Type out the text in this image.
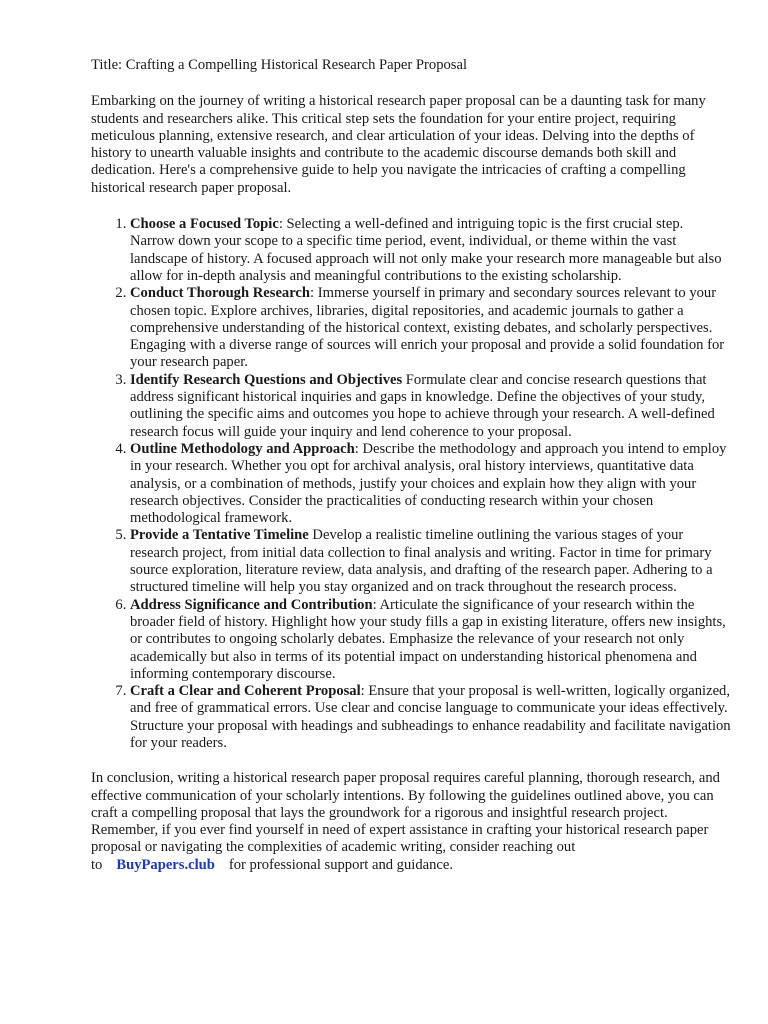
Title: Crafting a Compelling Historical Research Paper Proposal

Embarking on the journey of writing a historical research paper proposal can be a daunting task for many students and researchers alike. This critical step sets the foundation for your entire project, requiring meticulous planning, extensive research, and clear articulation of your ideas. Delving into the depths of history to unearth valuable insights and contribute to the academic discourse demands both skill and dedication. Here's a comprehensive guide to help you navigate the intricacies of crafting a compelling historical research paper proposal.

1. Choose a Focused Topic: Selecting a well-defined and intriguing topic is the first crucial step. Narrow down your scope to a specific time period, event, individual, or theme within the vast landscape of history. A focused approach will not only make your research more manageable but also allow for in-depth analysis and meaningful contributions to the existing scholarship.
2. Conduct Thorough Research: Immerse yourself in primary and secondary sources relevant to your chosen topic. Explore archives, libraries, digital repositories, and academic journals to gather a comprehensive understanding of the historical context, existing debates, and scholarly perspectives. Engaging with a diverse range of sources will enrich your proposal and provide a solid foundation for your research paper.
3. Identify Research Questions and Objectives Formulate clear and concise research questions that address significant historical inquiries and gaps in knowledge. Define the objectives of your study, outlining the specific aims and outcomes you hope to achieve through your research. A well-defined research focus will guide your inquiry and lend coherence to your proposal.
4. Outline Methodology and Approach: Describe the methodology and approach you intend to employ in your research. Whether you opt for archival analysis, oral history interviews, quantitative data analysis, or a combination of methods, justify your choices and explain how they align with your research objectives. Consider the practicalities of conducting research within your chosen methodological framework.
5. Provide a Tentative Timeline Develop a realistic timeline outlining the various stages of your research project, from initial data collection to final analysis and writing. Factor in time for primary source exploration, literature review, data analysis, and drafting of the research paper. Adhering to a structured timeline will help you stay organized and on track throughout the research process.
6. Address Significance and Contribution: Articulate the significance of your research within the broader field of history. Highlight how your study fills a gap in existing literature, offers new insights, or contributes to ongoing scholarly debates. Emphasize the relevance of your research not only academically but also in terms of its potential impact on understanding historical phenomena and informing contemporary discourse.
7. Craft a Clear and Coherent Proposal: Ensure that your proposal is well-written, logically organized, and free of grammatical errors. Use clear and concise language to communicate your ideas effectively. Structure your proposal with headings and subheadings to enhance readability and facilitate navigation for your readers.

In conclusion, writing a historical research paper proposal requires careful planning, thorough research, and effective communication of your scholarly intentions. By following the guidelines outlined above, you can craft a compelling proposal that lays the groundwork for a rigorous and insightful research project. Remember, if you ever find yourself in need of expert assistance in crafting your historical research paper proposal or navigating the complexities of academic writing, consider reaching out to BuyPapers.club for professional support and guidance.
